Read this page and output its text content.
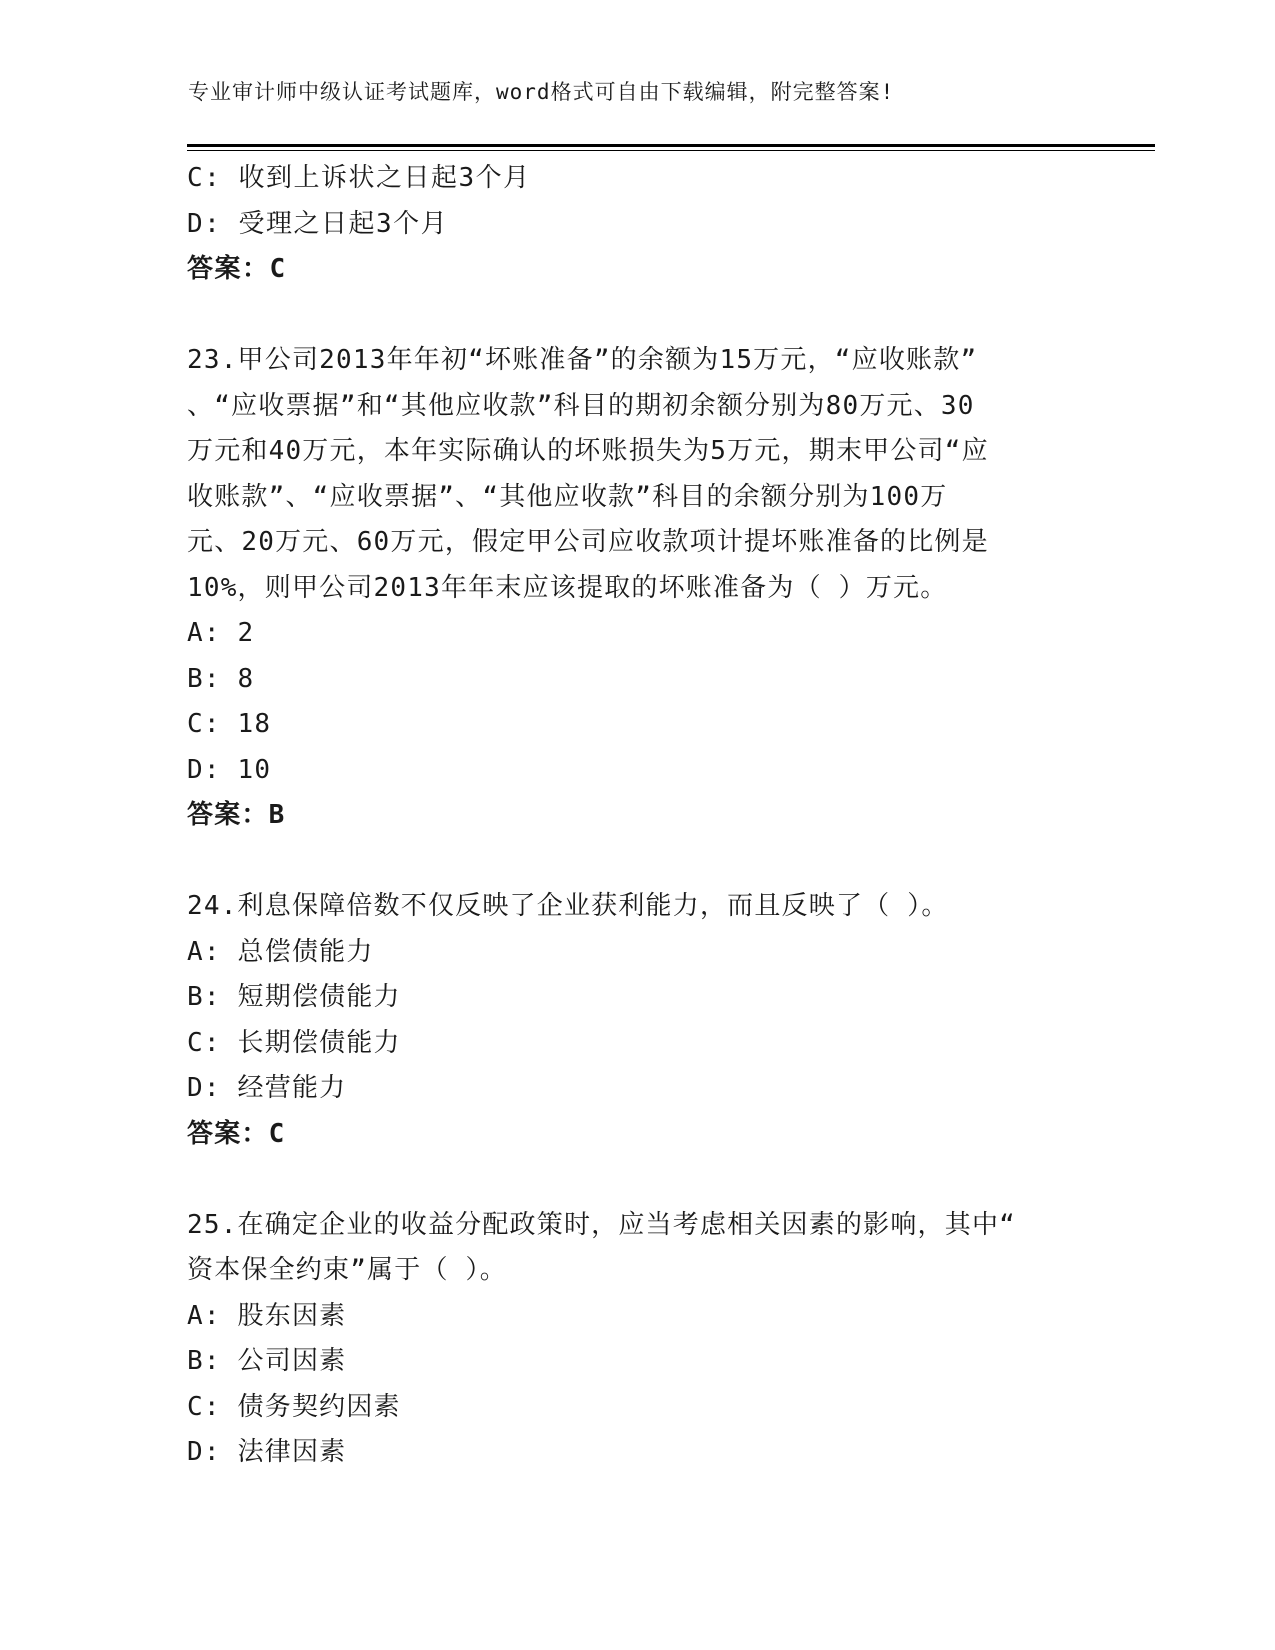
专业审计师中级认证考试题库，word格式可自由下载编辑，附完整答案!
C: 收到上诉状之日起3个月
D: 受理之日起3个月
答案：C
23.甲公司2013年年初“坏账准备”的余额为15万元，“应收账款”
、“应收票据”和“其他应收款”科目的期初余额分别为80万元、30
万元和40万元，本年实际确认的坏账损失为5万元，期末甲公司“应
收账款”、“应收票据”、“其他应收款”科目的余额分别为100万
元、20万元、60万元，假定甲公司应收款项计提坏账准备的比例是
10%，则甲公司2013年年末应该提取的坏账准备为（ ）万元。
A: 2
B: 8
C: 18
D: 10
答案：B
24.利息保障倍数不仅反映了企业获利能力，而且反映了（ ）。
A: 总偿债能力
B: 短期偿债能力
C: 长期偿债能力
D: 经营能力
答案：C
25.在确定企业的收益分配政策时，应当考虑相关因素的影响，其中“
资本保全约束”属于（ ）。
A: 股东因素
B: 公司因素
C: 债务契约因素
D: 法律因素
